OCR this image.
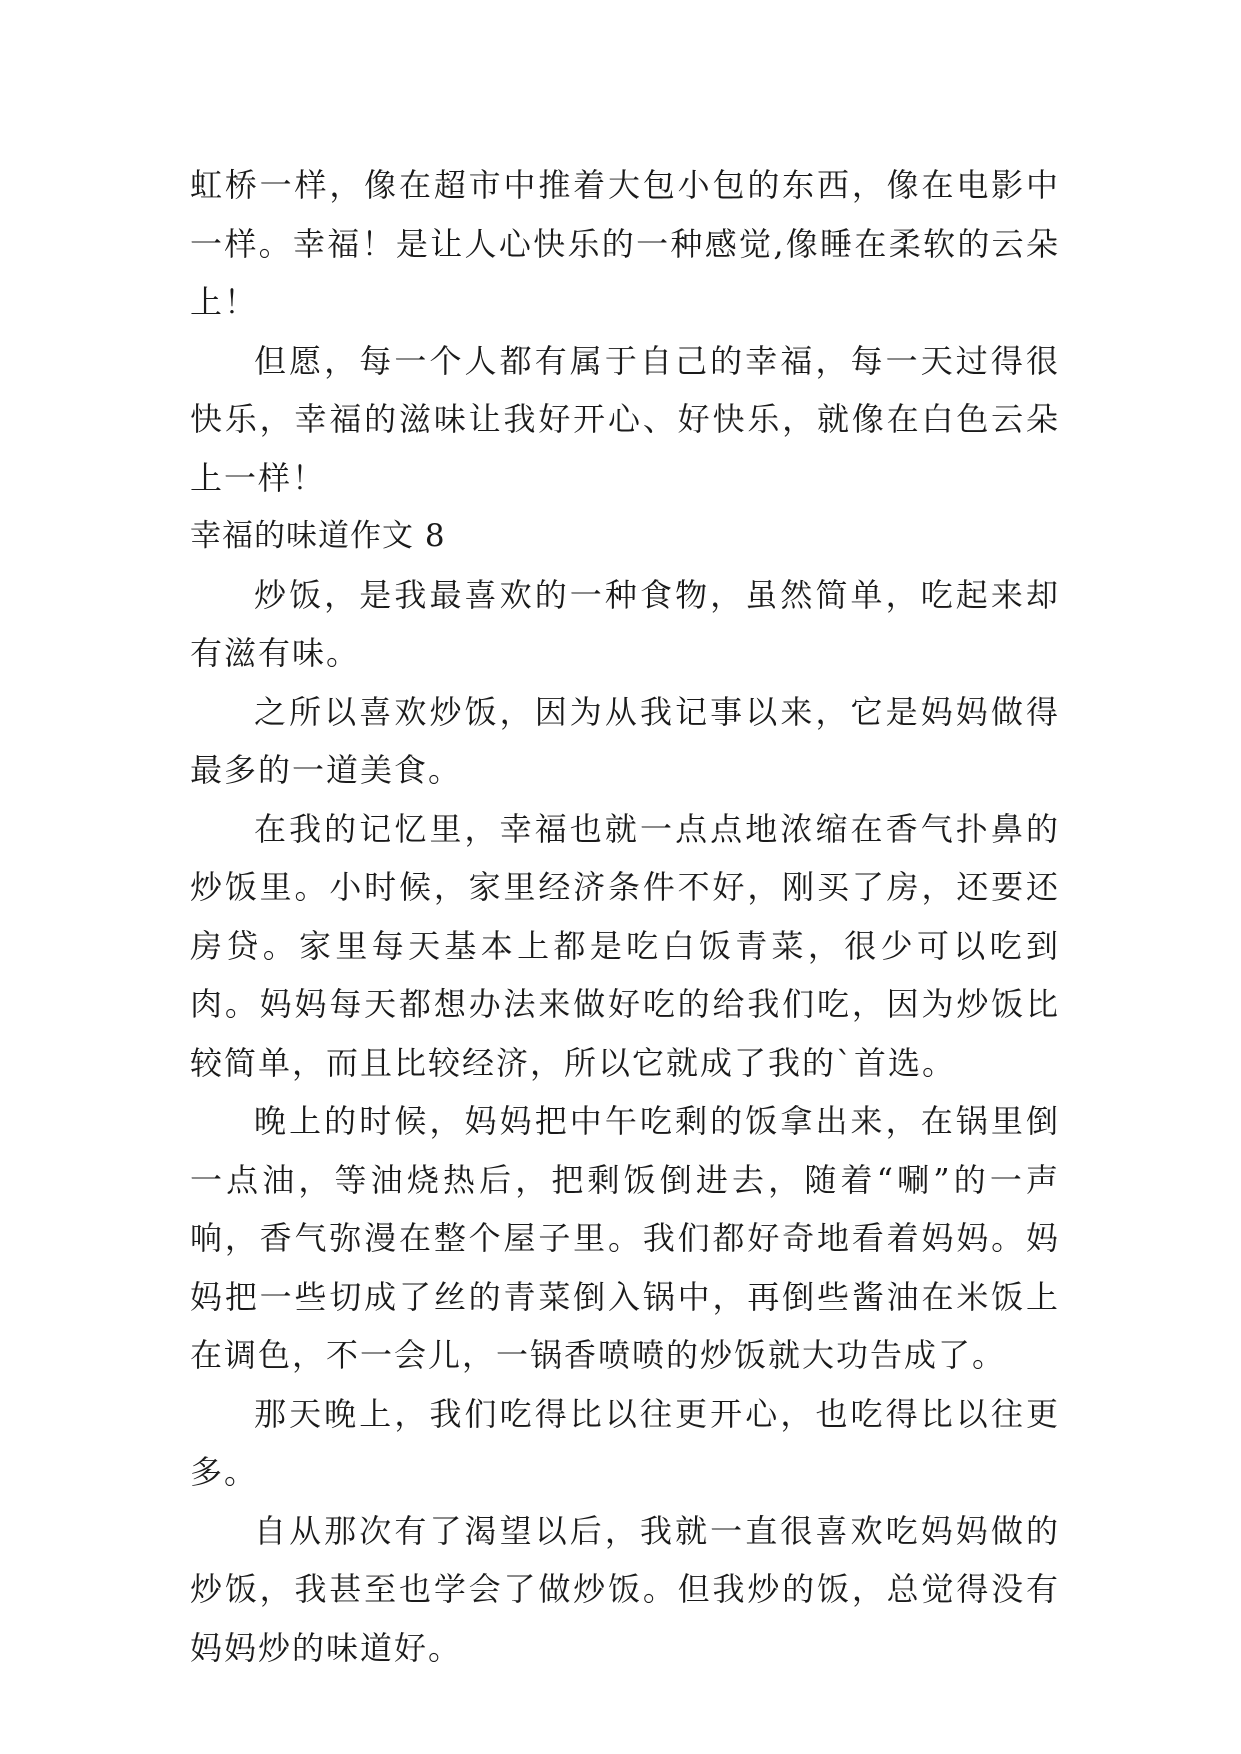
虹桥一样，像在超市中推着大包小包的东西，像在电影中一样。幸福！是让人心快乐的一种感觉,像睡在柔软的云朵上！

但愿，每一个人都有属于自己的幸福，每一天过得很快乐，幸福的滋味让我好开心、好快乐，就像在白色云朵上一样！

幸福的味道作文 8

炒饭，是我最喜欢的一种食物，虽然简单，吃起来却有滋有味。

之所以喜欢炒饭，因为从我记事以来，它是妈妈做得最多的一道美食。

在我的记忆里，幸福也就一点点地浓缩在香气扑鼻的炒饭里。小时候，家里经济条件不好，刚买了房，还要还房贷。家里每天基本上都是吃白饭青菜，很少可以吃到肉。妈妈每天都想办法来做好吃的给我们吃，因为炒饭比较简单，而且比较经济，所以它就成了我的`首选。

晚上的时候，妈妈把中午吃剩的饭拿出来，在锅里倒一点油，等油烧热后，把剩饭倒进去，随着“唰”的一声响，香气弥漫在整个屋子里。我们都好奇地看着妈妈。妈妈把一些切成了丝的青菜倒入锅中，再倒些酱油在米饭上在调色，不一会儿，一锅香喷喷的炒饭就大功告成了。

那天晚上，我们吃得比以往更开心，也吃得比以往更多。

自从那次有了渴望以后，我就一直很喜欢吃妈妈做的炒饭，我甚至也学会了做炒饭。但我炒的饭，总觉得没有妈妈炒的味道好。
